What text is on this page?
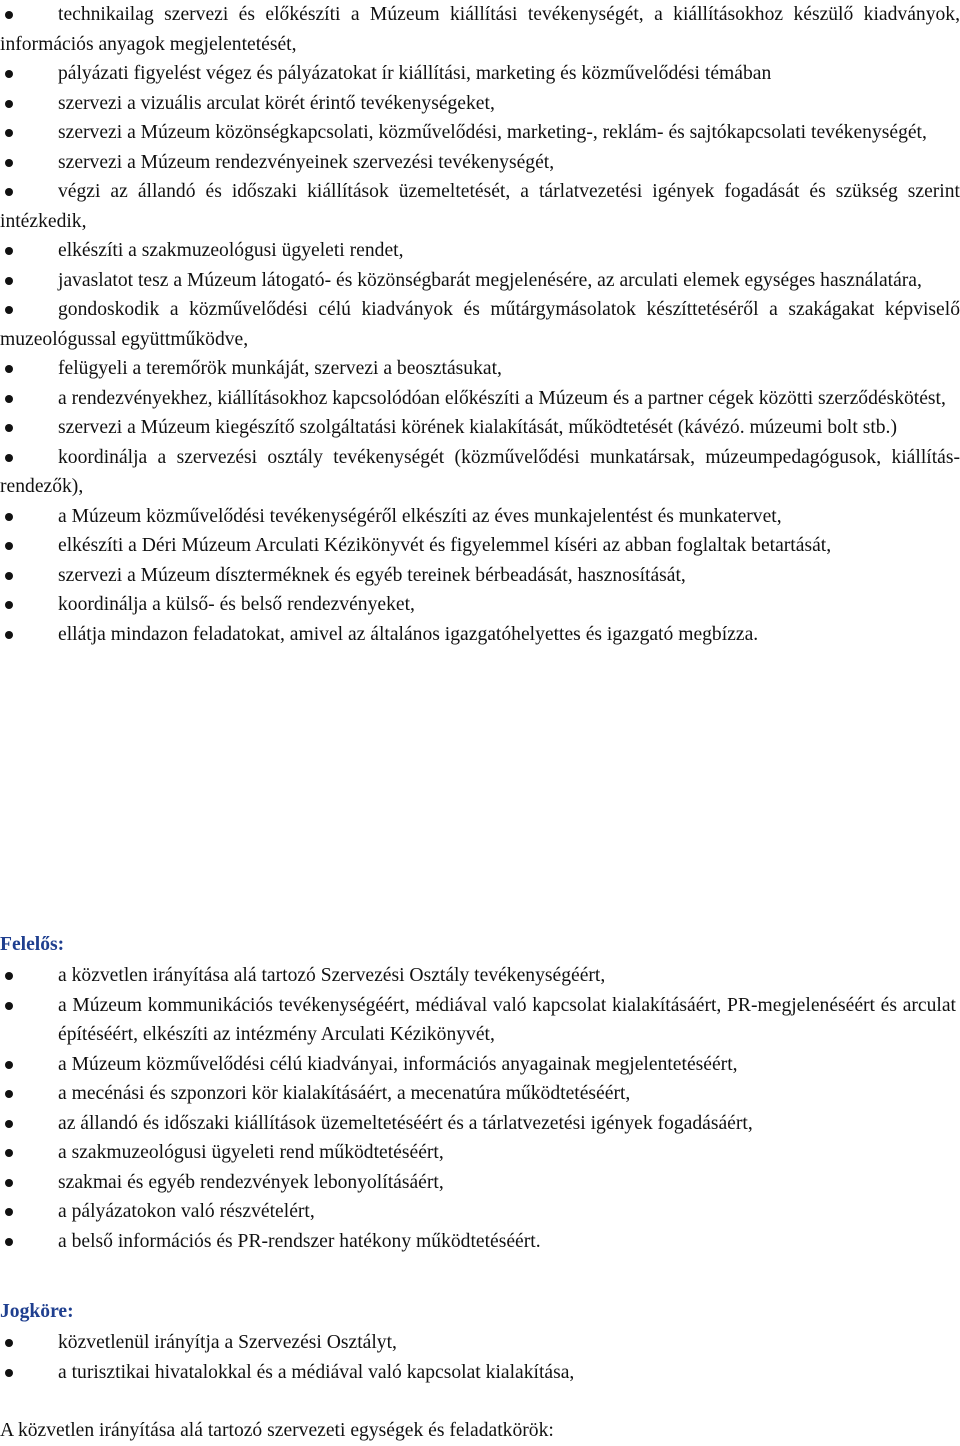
technikailag szervezi és előkészíti a Múzeum kiállítási tevékenységét, a kiállításokhoz készülő kiadványok, információs anyagok megjelentetését,
pályázati figyelést végez és pályázatokat ír kiállítási, marketing és közművelődési témában
szervezi a vizuális arculat körét érintő tevékenységeket,
szervezi a Múzeum közönségkapcsolati, közművelődési, marketing-, reklám- és sajtókapcsolati tevékenységét,
szervezi a Múzeum rendezvényeinek szervezési tevékenységét,
végzi az állandó és időszaki kiállítások üzemeltetését, a tárlatvezetési igények fogadását és szükség szerint intézkedik,
elkészíti a szakmuzeológusi ügyeleti rendet,
javaslatot tesz a Múzeum látogató- és közönségbarát megjelenésére, az arculati elemek egységes használatára,
gondoskodik a közművelődési célú kiadványok és műtárgymásolatok készíttetéséről a szakágakat képviselő muzeológussal együttműködve,
felügyeli a teremőrök munkáját, szervezi a beosztásukat,
a rendezvényekhez, kiállításokhoz kapcsolódóan előkészíti a Múzeum és a partner cégek közötti szerződéskötést,
szervezi a Múzeum kiegészítő szolgáltatási körének kialakítását, működtetését (kávézó. múzeumi bolt stb.)
koordinálja a szervezési osztály tevékenységét (közművelődési munkatársak, múzeumpedagógusok, kiállítás-rendezők),
a Múzeum közművelődési tevékenységéről elkészíti az éves munkajelentést és munkatervet,
elkészíti a Déri Múzeum Arculati Kézikönyvét és figyelemmel kíséri az abban foglaltak betartását,
szervezi a Múzeum díszterméknek és egyéb tereinek bérbeadását, hasznosítását,
koordinálja a külső- és belső rendezvényeket,
ellátja mindazon feladatokat, amivel az általános igazgatóhelyettes és igazgató megbízza.
Felelős:
a közvetlen irányítása alá tartozó Szervezési Osztály tevékenységéért,
a Múzeum kommunikációs tevékenységéért, médiával való kapcsolat kialakításáért, PR-megjelenéséért és arculat építéséért, elkészíti az intézmény Arculati Kézikönyvét,
a Múzeum közművelődési célú kiadványai, információs anyagainak megjelentetéséért,
a mecénási és szponzori kör kialakításáért, a mecenatúra működtetéséért,
az állandó és időszaki kiállítások üzemeltetéséért és a tárlatvezetési igények fogadásáért,
a szakmuzeológusi ügyeleti rend működtetéséért,
szakmai és egyéb rendezvények lebonyolításáért,
a pályázatokon való részvételért,
a belső információs és PR-rendszer hatékony működtetéséért.
Jogköre:
közvetlenül irányítja a Szervezési Osztályt,
a turisztikai hivatalokkal és a médiával való kapcsolat kialakítása,
A közvetlen irányítása alá tartozó szervezeti egységek és feladatkörök:
